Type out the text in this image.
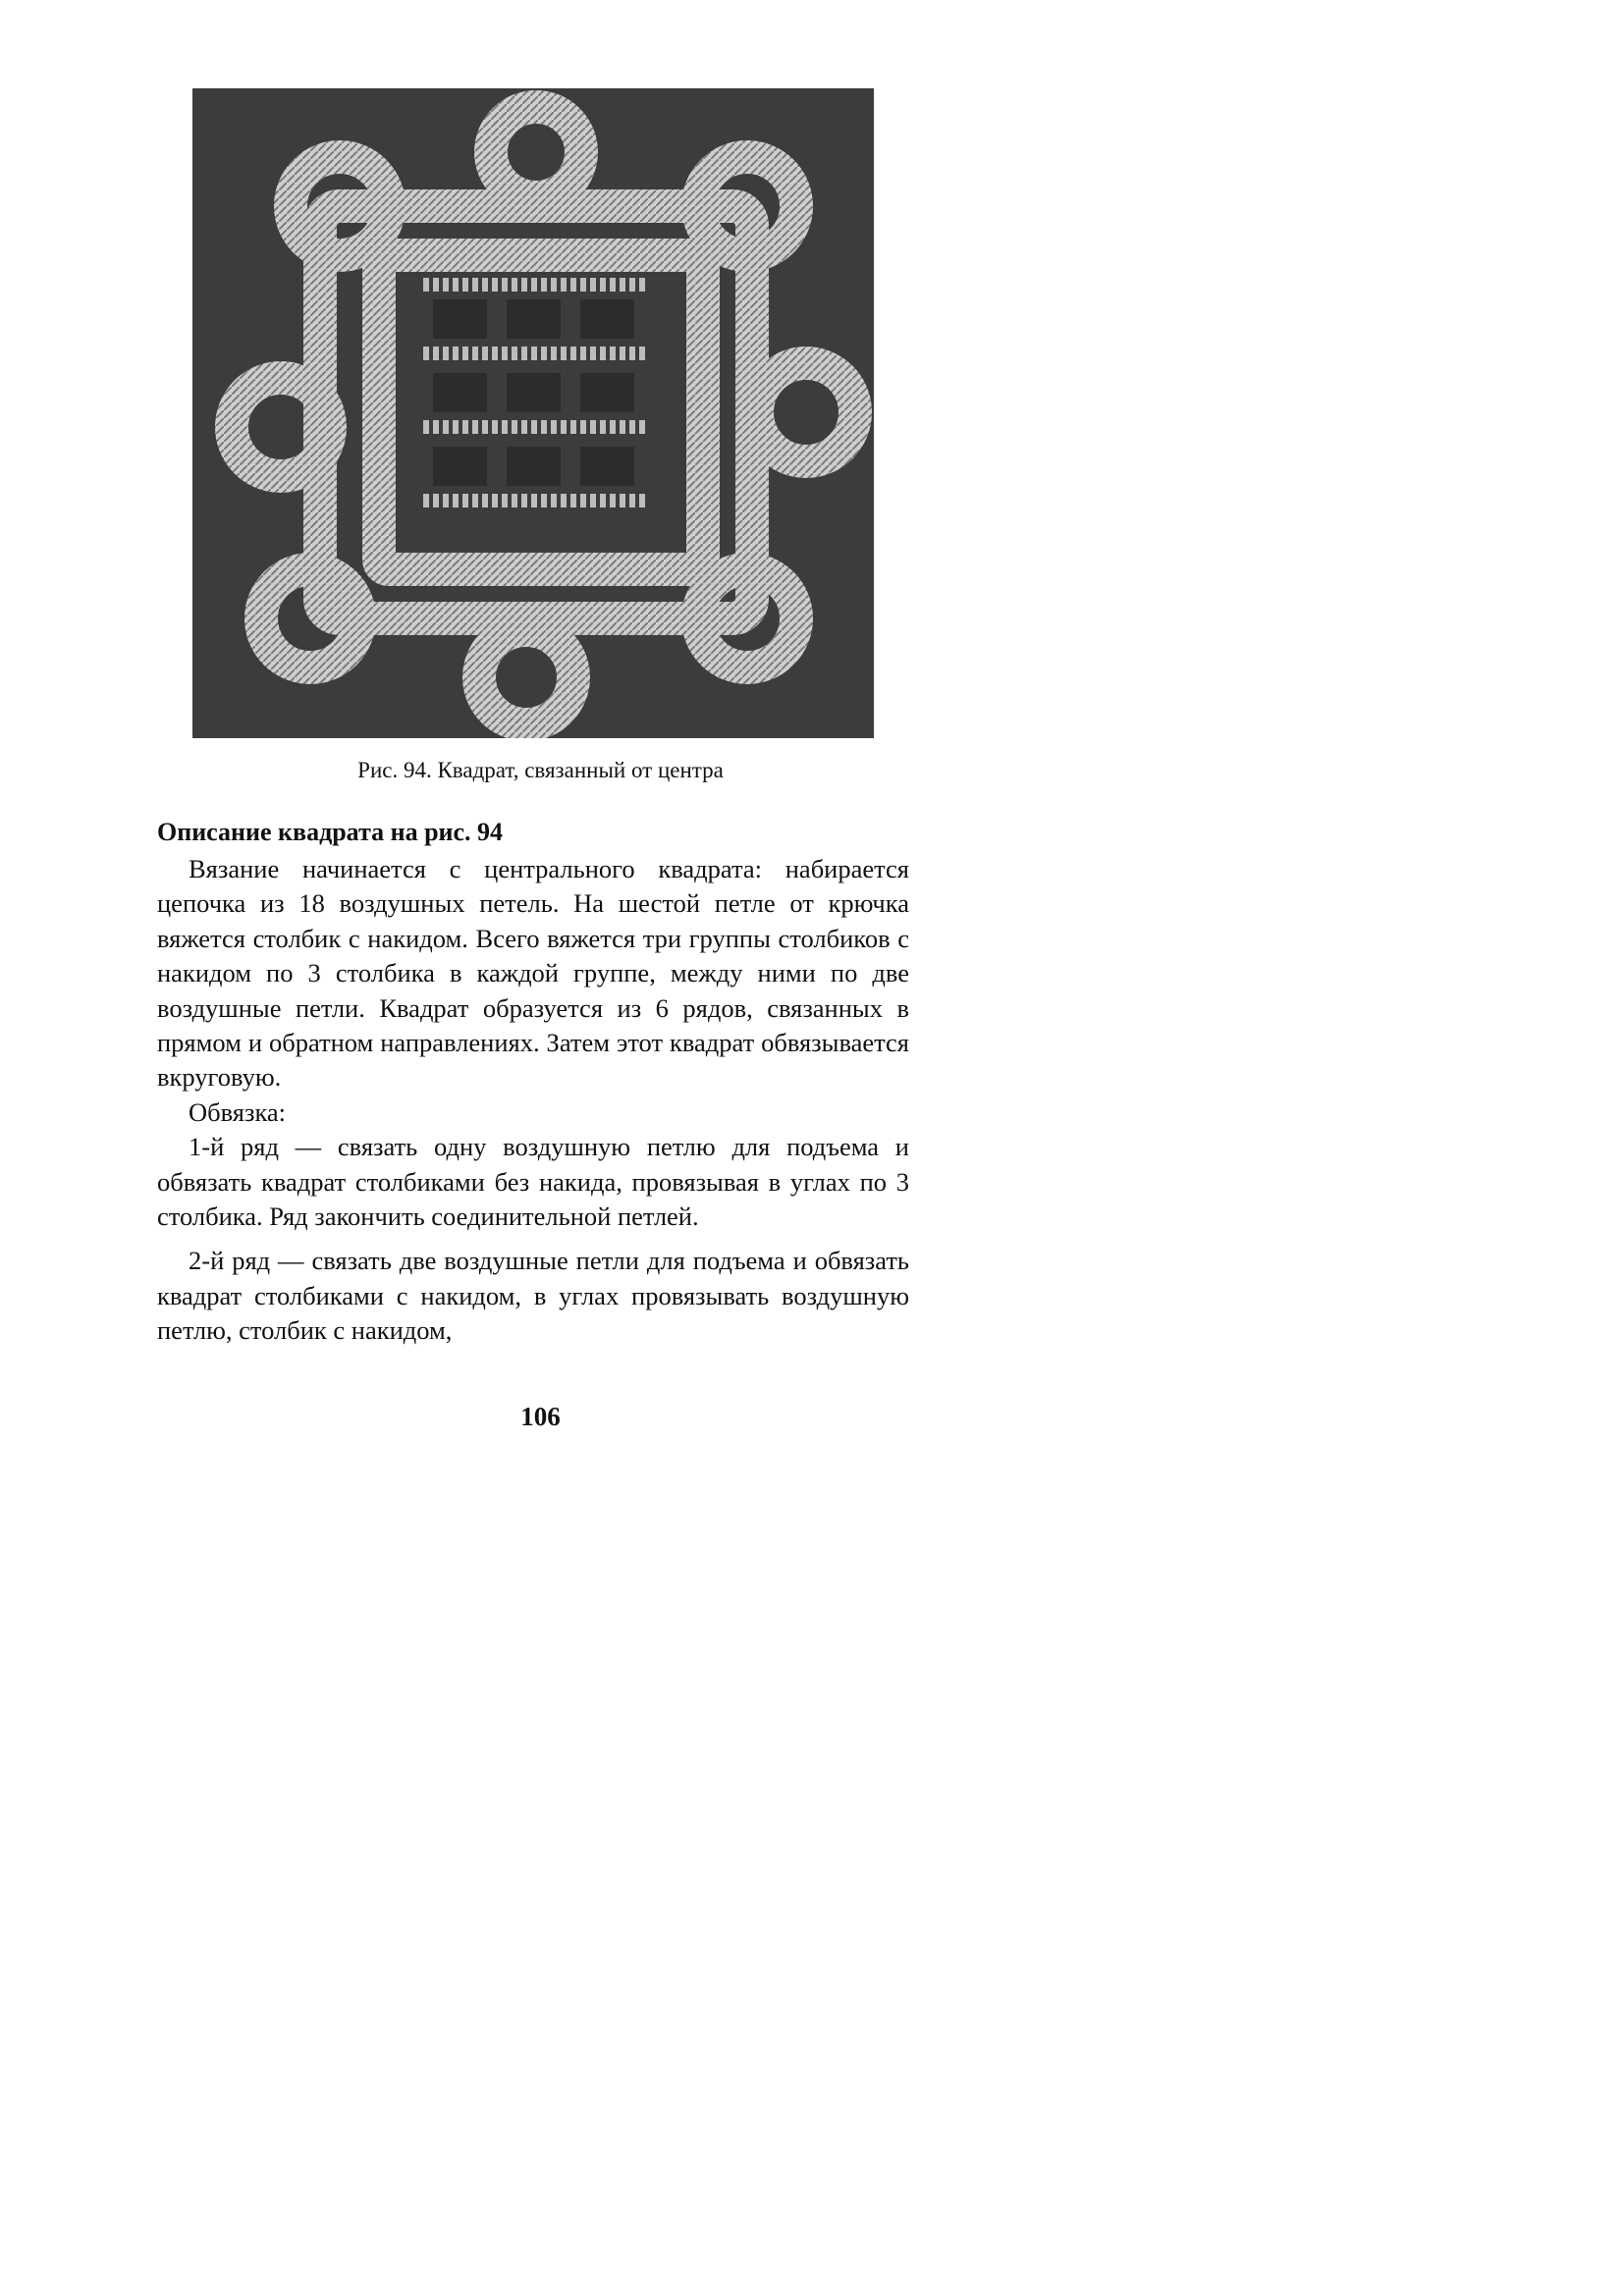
Рис. 94. Квадрат, связанный от центра
Описание квадрата на рис. 94

Вязание начинается с центрального квадрата: набирается цепочка из 18 воздушных петель. На шестой петле от крючка вяжется столбик с накидом. Всего вяжется три группы столбиков с накидом по 3 столбика в каждой группе, между ними по две воздушные петли. Квадрат образуется из 6 рядов, связанных в прямом и обратном направлениях. Затем этот квадрат обвязывается вкруговую.

Обвязка:

1-й ряд — связать одну воздушную петлю для подъема и обвязать квадрат столбиками без накида, провязывая в углах по 3 столбика. Ряд закончить соединительной петлей.

2-й ряд — связать две воздушные петли для подъема и обвязать квадрат столбиками с накидом, в углах провязывать воздушную петлю, столбик с накидом,

106
